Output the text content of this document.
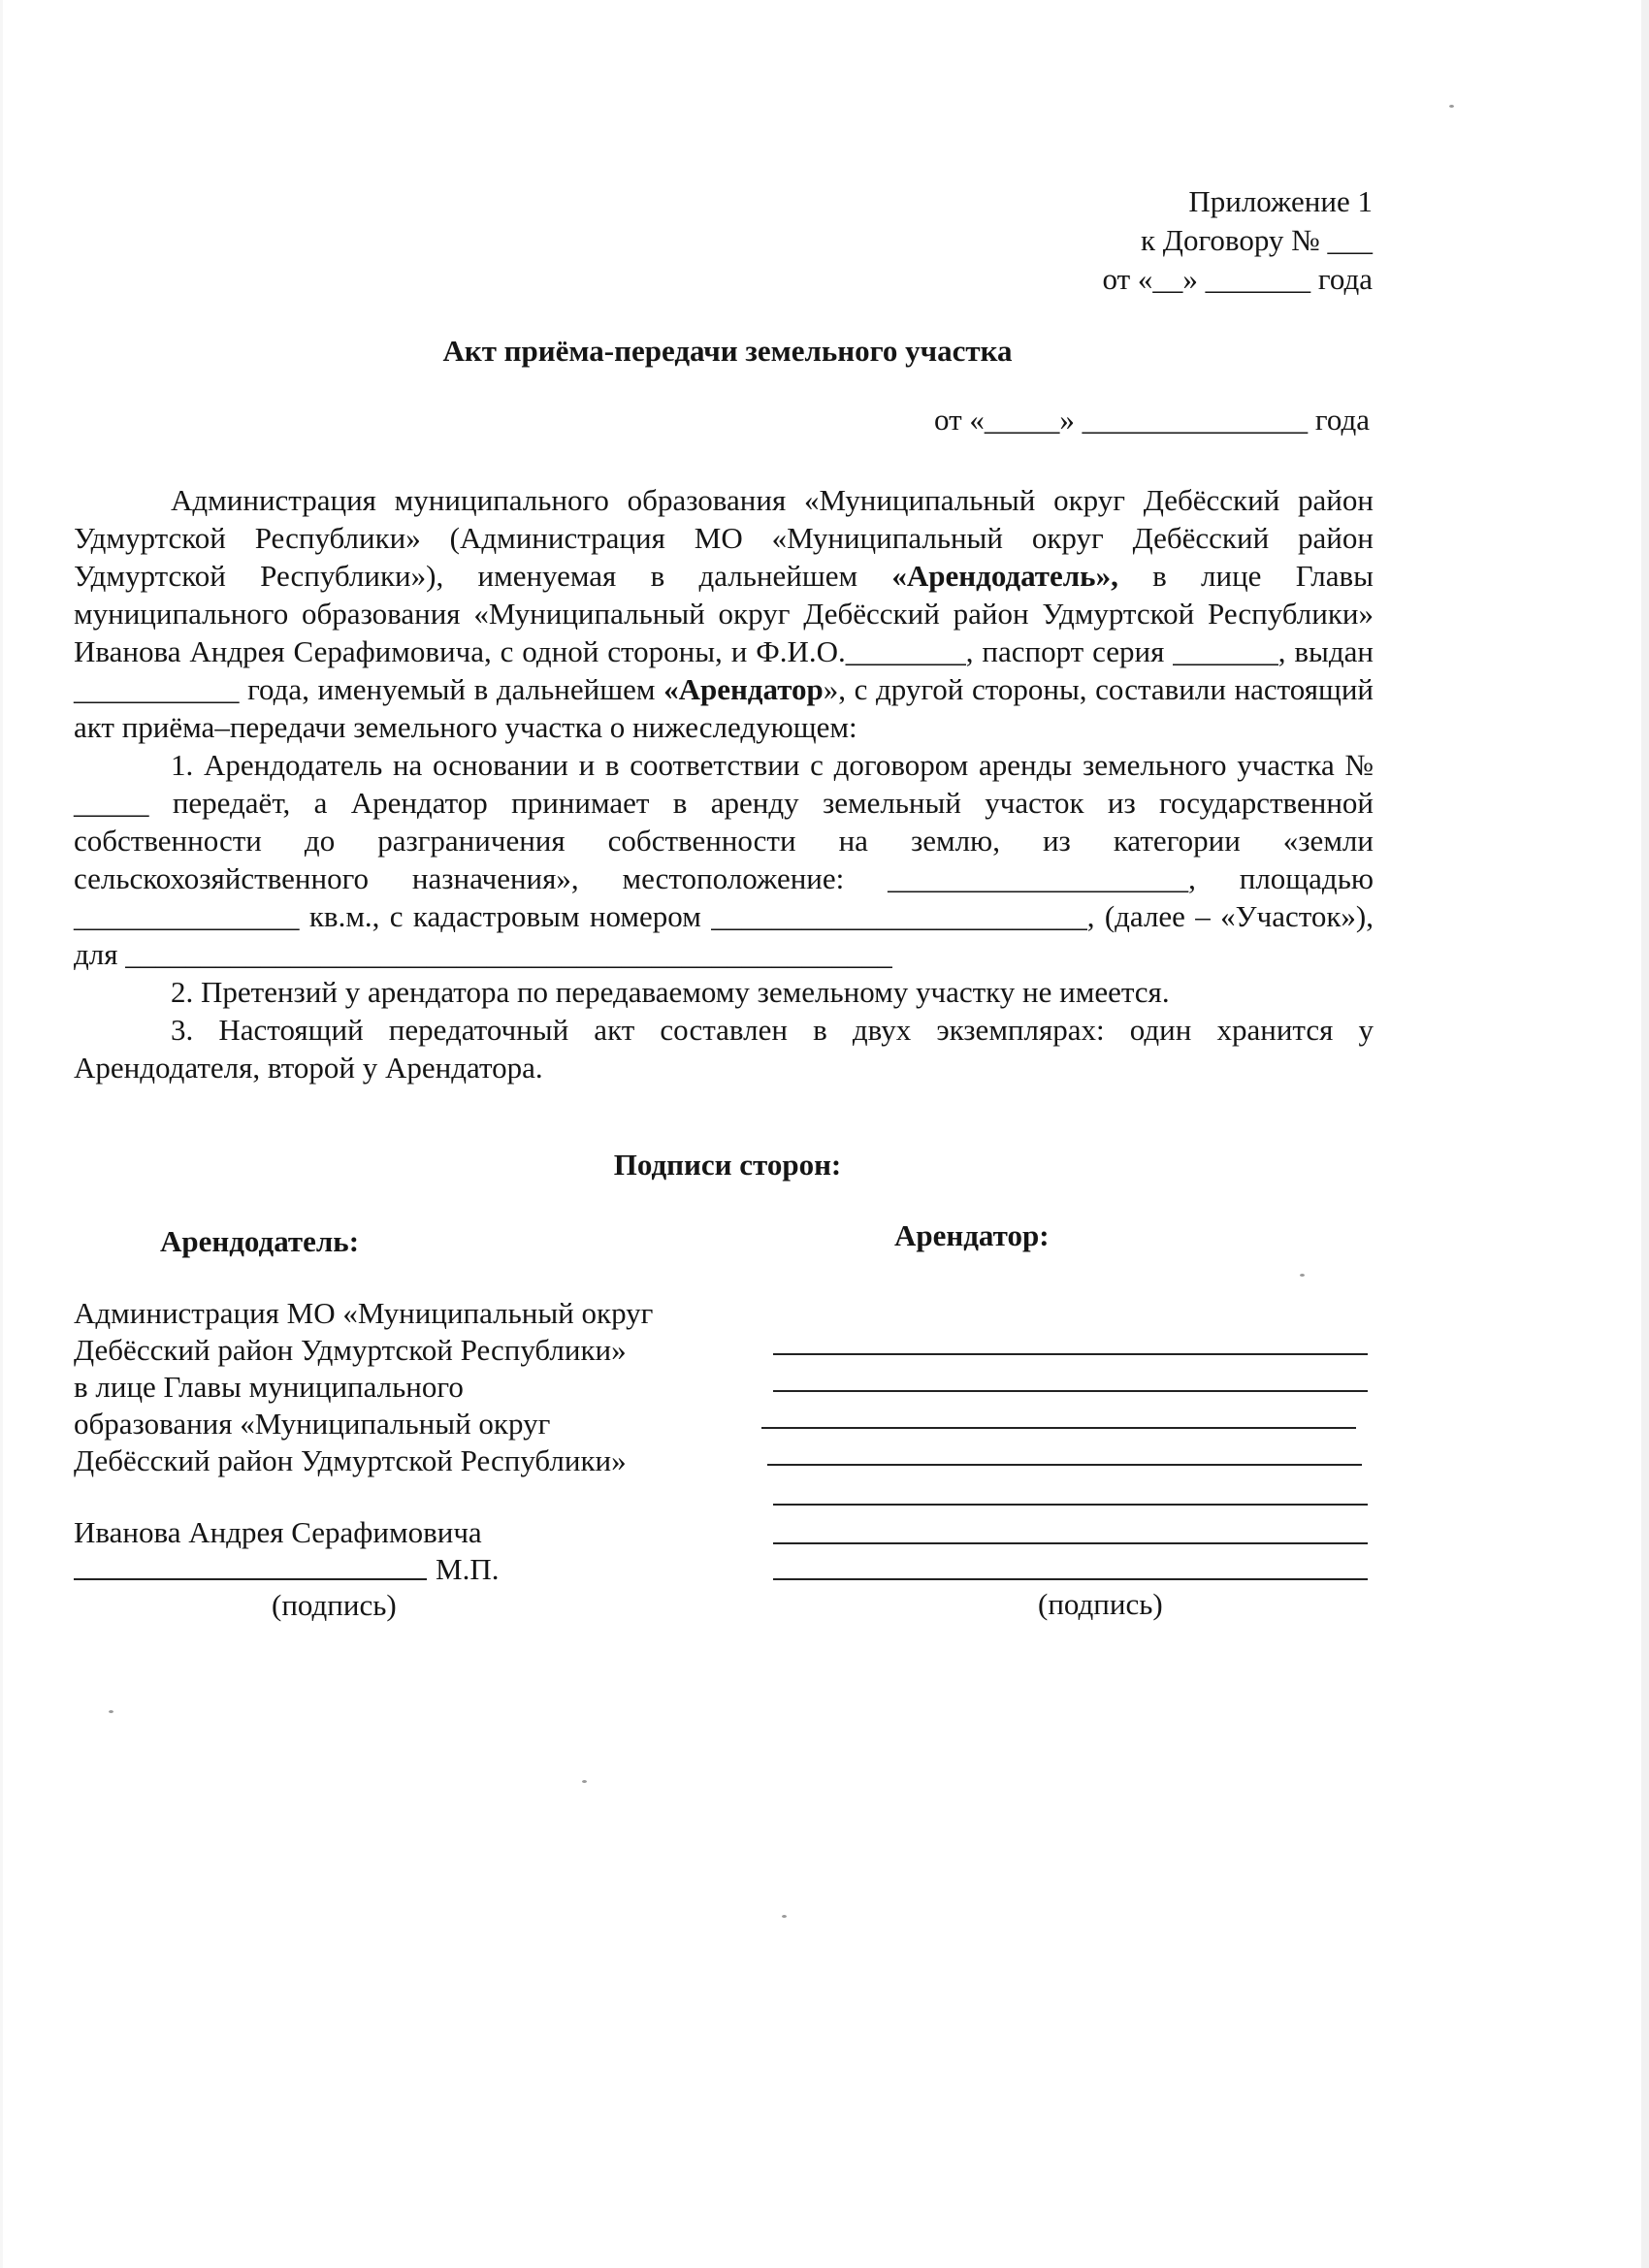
Приложение 1
к Договору № ___
от «__» _______ года
Акт приёма-передачи земельного участка
от «_____» _______________ года

Администрация муниципального образования «Муниципальный округ Дебёсский район Удмуртской Республики» (Администрация МО «Муниципальный округ Дебёсский район Удмуртской Республики»), именуемая в дальнейшем «Арендодатель», в лице Главы муниципального образования «Муниципальный округ Дебёсский район Удмуртской Республики» Иванова Андрея Серафимовича, с одной стороны, и Ф.И.О.________, паспорт серия _______, выдан ___________ года, именуемый в дальнейшем «Арендатор», с другой стороны, составили настоящий акт приёма–передачи земельного участка о нижеследующем:

1. Арендодатель на основании и в соответствии с договором аренды земельного участка № _____ передаёт, а Арендатор принимает в аренду земельный участок из государственной собственности до разграничения собственности на землю, из категории «земли сельскохозяйственного назначения», местоположение: ____________________, площадью _______________ кв.м., с кадастровым номером _________________________, (далее – «Участок»), для ___________________________________________________

2. Претензий у арендатора по передаваемому земельному участку не имеется.

3. Настоящий передаточный акт составлен в двух экземплярах: один хранится у Арендодателя, второй у Арендатора.

Подписи сторон:
Арендодатель:	Арендатор:
Администрация МО «Муниципальный округ
Дебёсский район Удмуртской Республики»
в лице Главы муниципального
образования «Муниципальный округ
Дебёсский район Удмуртской Республики»
Иванова Андрея Серафимовича
М.П.
(подпись)	(подпись)
